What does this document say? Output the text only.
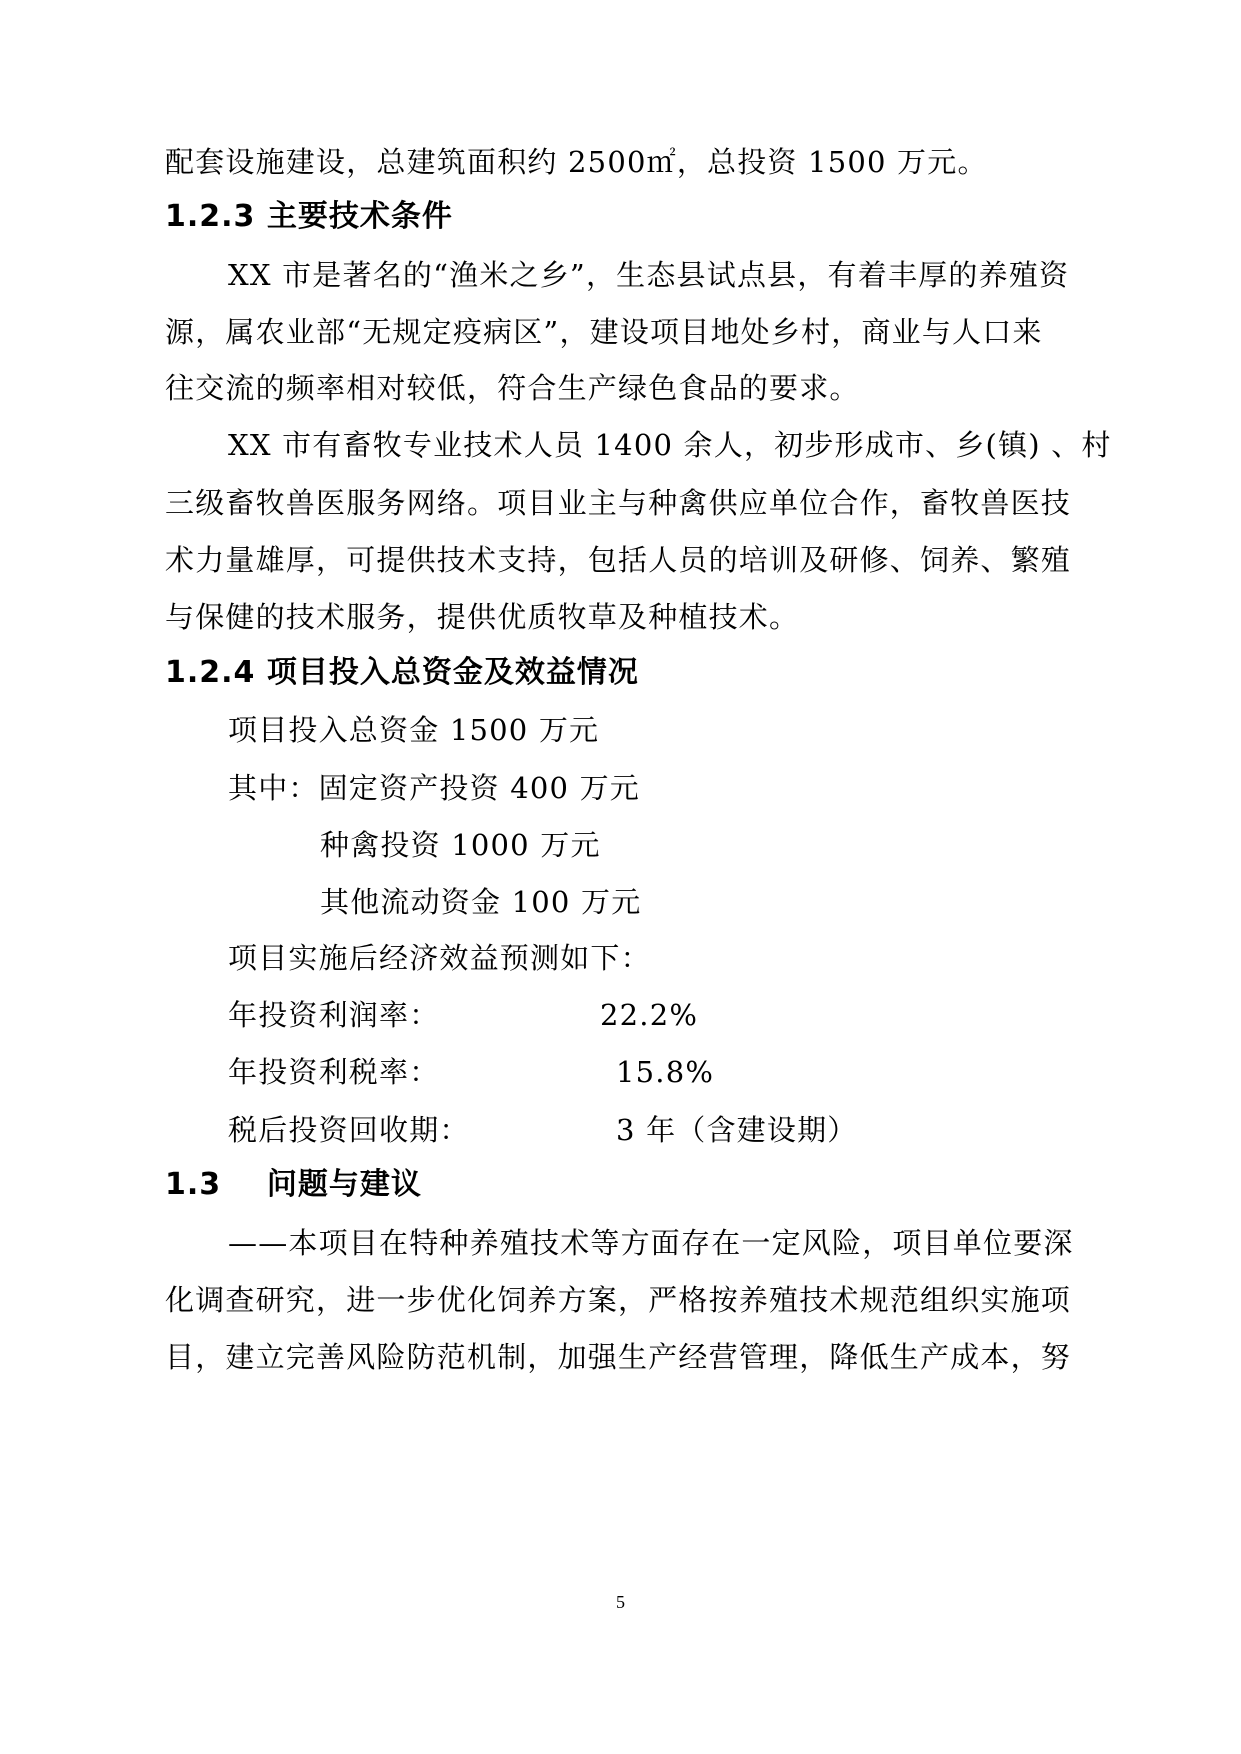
配套设施建设，总建筑面积约 2500㎡，总投资 1500 万元。
1.2.3 主要技术条件
XX 市是著名的“渔米之乡”，生态县试点县，有着丰厚的养殖资
源，属农业部“无规定疫病区”，建设项目地处乡村，商业与人口来
往交流的频率相对较低，符合生产绿色食品的要求。
XX 市有畜牧专业技术人员 1400 余人，初步形成市、乡(镇) 、村
三级畜牧兽医服务网络。项目业主与种禽供应单位合作，畜牧兽医技
术力量雄厚，可提供技术支持，包括人员的培训及研修、饲养、繁殖
与保健的技术服务，提供优质牧草及种植技术。
1.2.4 项目投入总资金及效益情况
项目投入总资金 1500 万元
其中：固定资产投资 400 万元
种禽投资 1000 万元
其他流动资金 100 万元
项目实施后经济效益预测如下：
年投资利润率：	22.2%
年投资利税率：	15.8%
税后投资回收期：	3 年（含建设期）
1.3    问题与建议
——本项目在特种养殖技术等方面存在一定风险，项目单位要深
化调查研究，进一步优化饲养方案，严格按养殖技术规范组织实施项
目，建立完善风险防范机制，加强生产经营管理，降低生产成本，努
5
